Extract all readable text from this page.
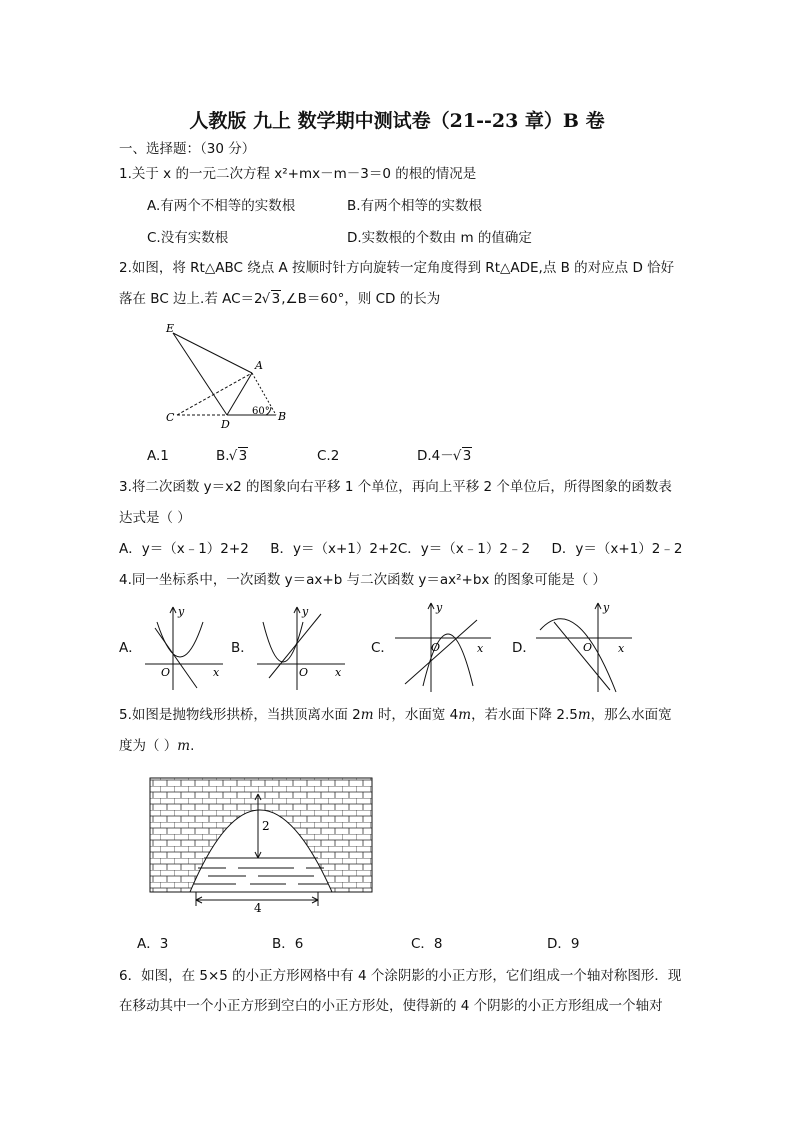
人教版 九上 数学期中测试卷（21--23 章）B 卷
一、选择题：（30 分）
1.关于 x 的一元二次方程 x²+mx－m－3＝0 的根的情况是
A.有两个不相等的实数根	B.有两个相等的实数根
C.没有实数根	D.实数根的个数由 m 的值确定
2.如图，将 Rt△ABC 绕点 A 按顺时针方向旋转一定角度得到 Rt△ADE,点 B 的对应点 D 恰好
落在 BC 边上.若 AC＝2 √ 3,∠B＝60°，则 CD 的长为
E
A
C
D
B
60°
A.1	B. √ 3	C.2	D.4－ √ 3
3.将二次函数 y＝x2 的图象向右平移 1 个单位，再向上平移 2 个单位后，所得图象的函数表
达式是（ ）
A．y＝（x﹣1）2+2     B．y＝（x+1）2+2C．y＝（x﹣1）2﹣2     D．y＝（x+1）2﹣2
4.同一坐标系中，一次函数 y＝ax+b 与二次函数 y＝ax²+bx 的图象可能是（ ）
A．
y
x
O
B．
y
x
O
C．
y
x
O	D．
y
x
O
5.如图是抛物线形拱桥，当拱顶离水面 2m 时，水面宽 4m，若水面下降 2.5m，那么水面宽
度为（ ）m.
2
4
A．3	B．6	C．8	D．9
6．如图，在 5×5 的小正方形网格中有 4 个涂阴影的小正方形，它们组成一个轴对称图形．现
在移动其中一个小正方形到空白的小正方形处，使得新的 4 个阴影的小正方形组成一个轴对
